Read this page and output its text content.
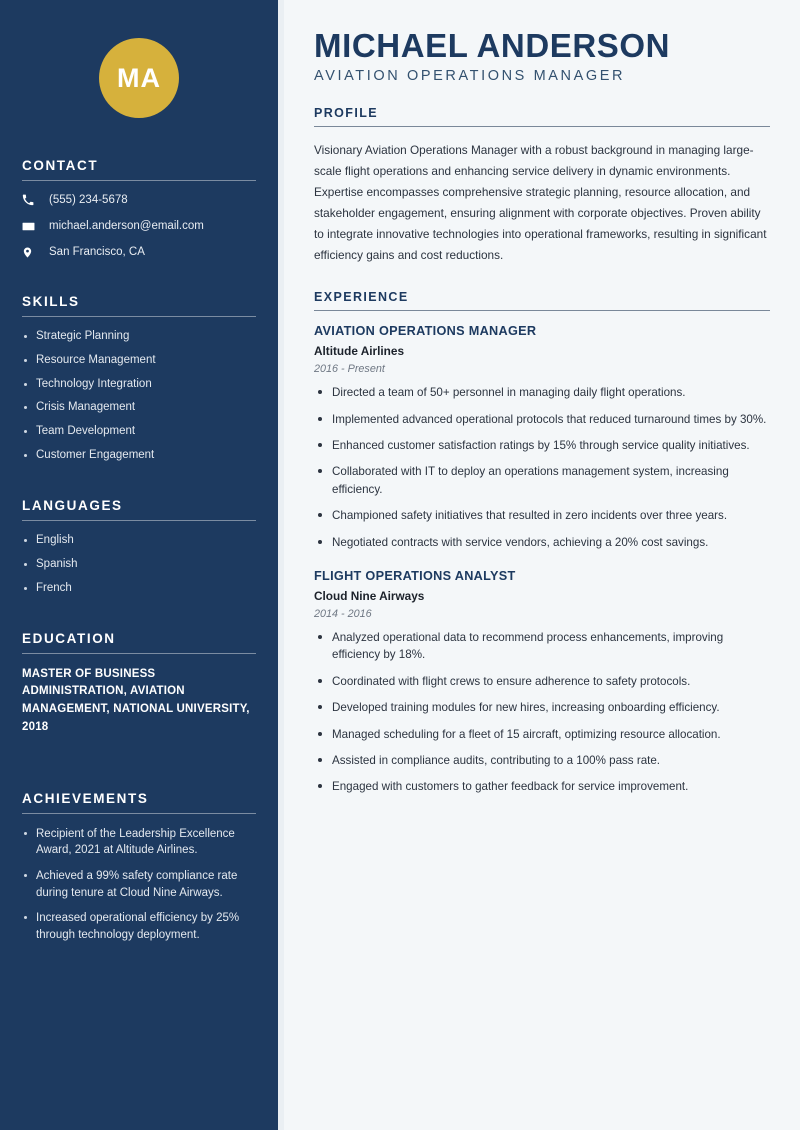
MA
CONTACT
(555) 234-5678
michael.anderson@email.com
San Francisco, CA
SKILLS
Strategic Planning
Resource Management
Technology Integration
Crisis Management
Team Development
Customer Engagement
LANGUAGES
English
Spanish
French
EDUCATION
MASTER OF BUSINESS ADMINISTRATION, AVIATION MANAGEMENT, NATIONAL UNIVERSITY, 2018
ACHIEVEMENTS
Recipient of the Leadership Excellence Award, 2021 at Altitude Airlines.
Achieved a 99% safety compliance rate during tenure at Cloud Nine Airways.
Increased operational efficiency by 25% through technology deployment.
MICHAEL ANDERSON
AVIATION OPERATIONS MANAGER
PROFILE

Visionary Aviation Operations Manager with a robust background in managing large-scale flight operations and enhancing service delivery in dynamic environments. Expertise encompasses comprehensive strategic planning, resource allocation, and stakeholder engagement, ensuring alignment with corporate objectives. Proven ability to integrate innovative technologies into operational frameworks, resulting in significant efficiency gains and cost reductions.

EXPERIENCE
AVIATION OPERATIONS MANAGER
Altitude Airlines
2016 - Present
Directed a team of 50+ personnel in managing daily flight operations.
Implemented advanced operational protocols that reduced turnaround times by 30%.
Enhanced customer satisfaction ratings by 15% through service quality initiatives.
Collaborated with IT to deploy an operations management system, increasing efficiency.
Championed safety initiatives that resulted in zero incidents over three years.
Negotiated contracts with service vendors, achieving a 20% cost savings.
FLIGHT OPERATIONS ANALYST
Cloud Nine Airways
2014 - 2016
Analyzed operational data to recommend process enhancements, improving efficiency by 18%.
Coordinated with flight crews to ensure adherence to safety protocols.
Developed training modules for new hires, increasing onboarding efficiency.
Managed scheduling for a fleet of 15 aircraft, optimizing resource allocation.
Assisted in compliance audits, contributing to a 100% pass rate.
Engaged with customers to gather feedback for service improvement.
